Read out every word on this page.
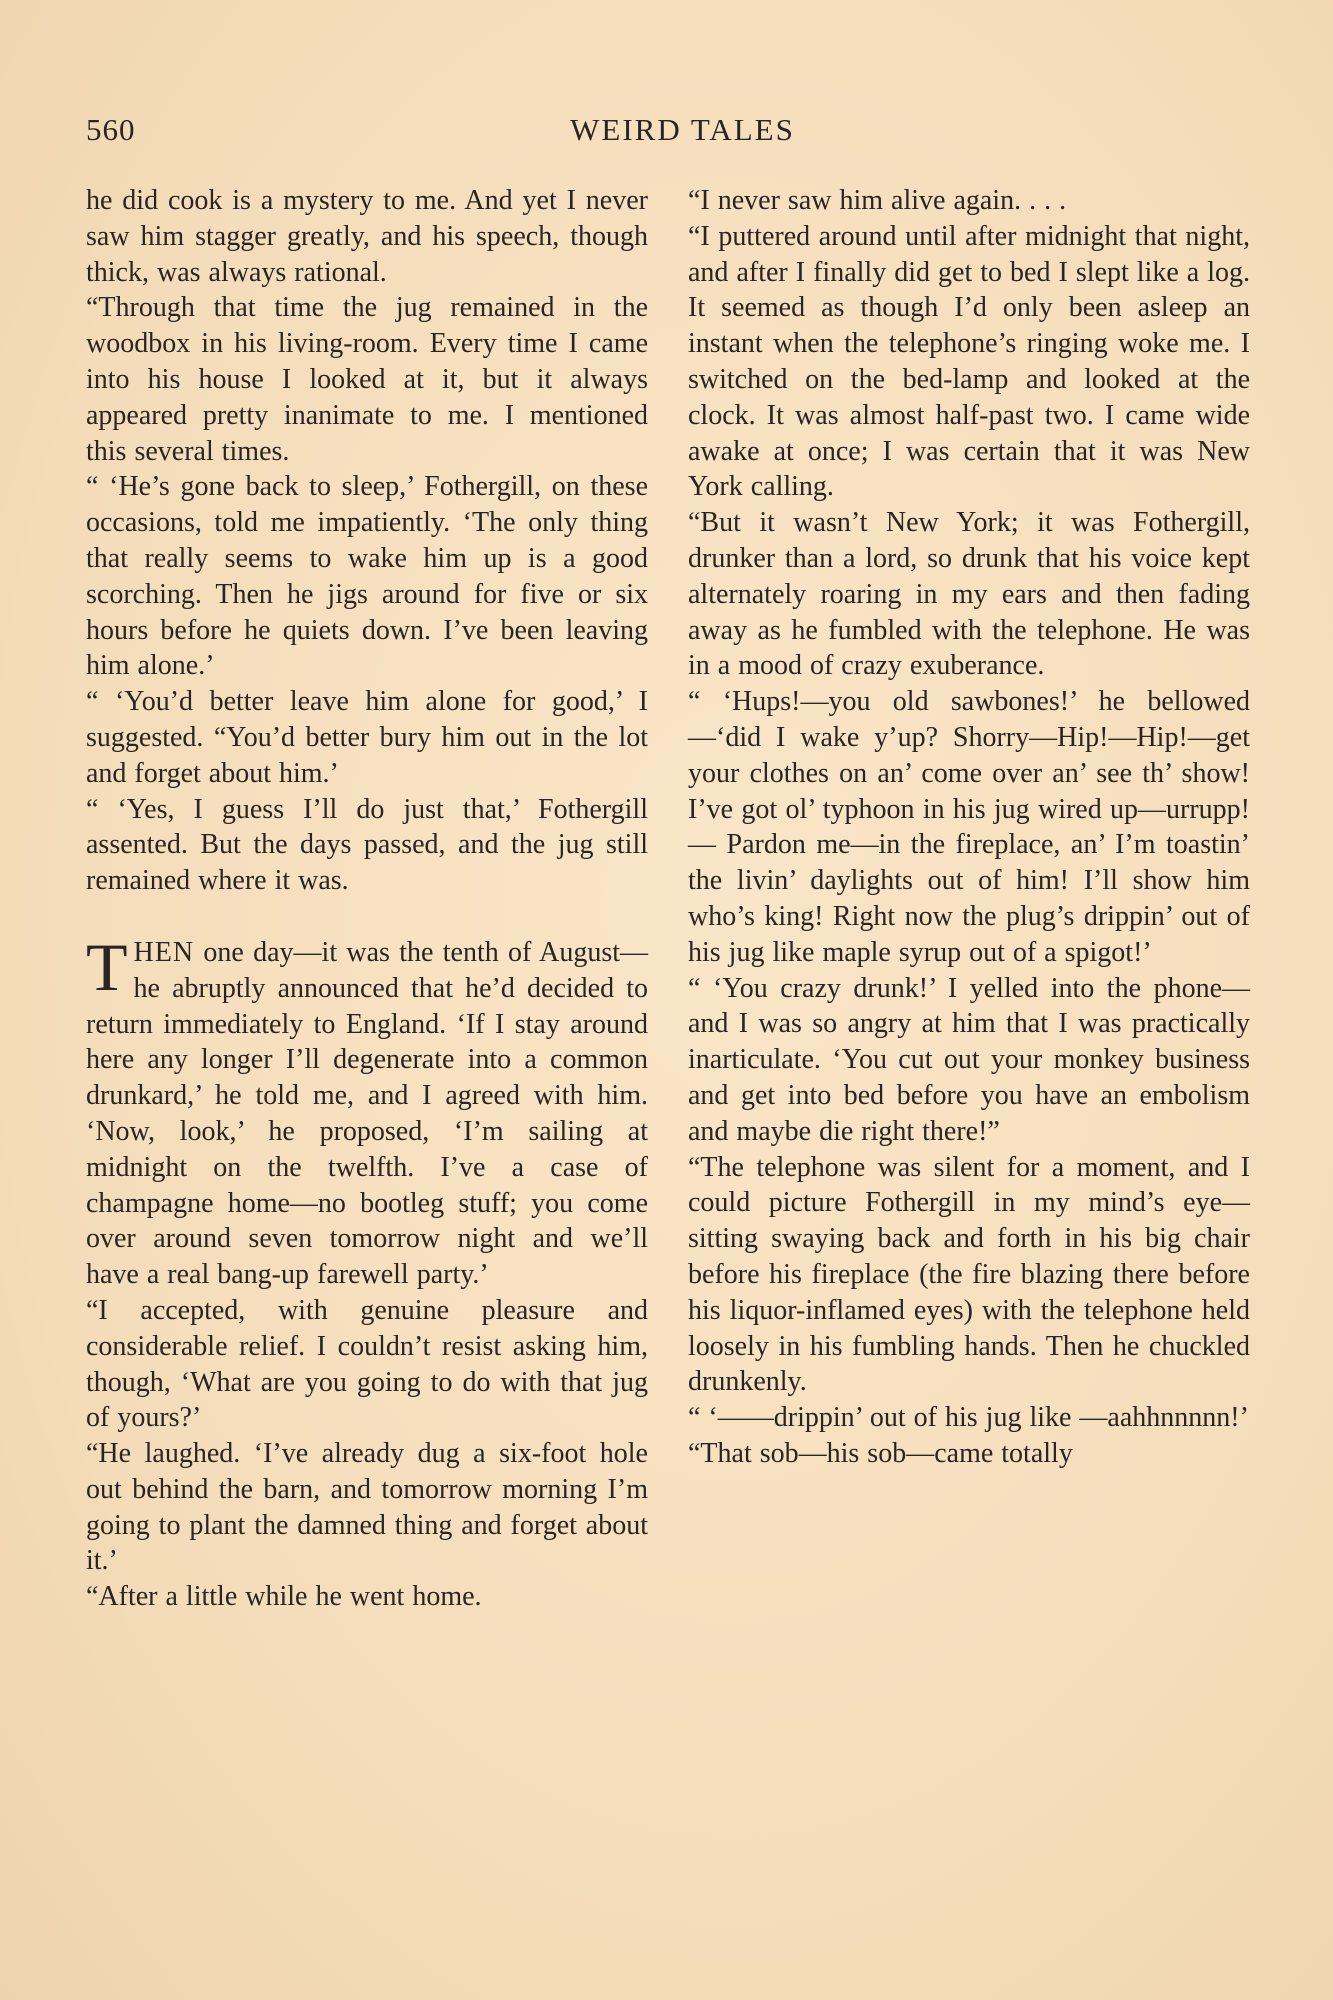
560	WEIRD TALES

he did cook is a mystery to me. And yet I never saw him stagger greatly, and his speech, though thick, was always rational.

“Through that time the jug remained in the woodbox in his living-room. Every time I came into his house I looked at it, but it always appeared pretty inanimate to me. I mentioned this several times.

“ ‘He’s gone back to sleep,’ Fothergill, on these occasions, told me impatiently. ‘The only thing that really seems to wake him up is a good scorching. Then he jigs around for five or six hours before he quiets down. I’ve been leaving him alone.’

“ ‘You’d better leave him alone for good,’ I suggested. “You’d better bury him out in the lot and forget about him.’

“ ‘Yes, I guess I’ll do just that,’ Fothergill assented. But the days passed, and the jug still remained where it was.

THEN one day—it was the tenth of August—he abruptly announced that he’d decided to return immediately to England. ‘If I stay around here any longer I’ll degenerate into a common drunkard,’ he told me, and I agreed with him. ‘Now, look,’ he proposed, ‘I’m sailing at midnight on the twelfth. I’ve a case of champagne home—no bootleg stuff; you come over around seven tomorrow night and we’ll have a real bang-up farewell party.’

“I accepted, with genuine pleasure and considerable relief. I couldn’t resist asking him, though, ‘What are you going to do with that jug of yours?’

“He laughed. ‘I’ve already dug a six-foot hole out behind the barn, and tomorrow morning I’m going to plant the damned thing and forget about it.’

“After a little while he went home.

“I never saw him alive again. . . .

“I puttered around until after midnight that night, and after I finally did get to bed I slept like a log. It seemed as though I’d only been asleep an instant when the telephone’s ringing woke me. I switched on the bed-lamp and looked at the clock. It was almost half-past two. I came wide awake at once; I was certain that it was New York calling.

“But it wasn’t New York; it was Fothergill, drunker than a lord, so drunk that his voice kept alternately roaring in my ears and then fading away as he fumbled with the telephone. He was in a mood of crazy exuberance.

“ ‘Hups!—you old sawbones!’ he bellowed—‘did I wake y’up? Shorry—Hip!—Hip!—get your clothes on an’ come over an’ see th’ show! I’ve got ol’ typhoon in his jug wired up—urrupp!— Pardon me—in the fireplace, an’ I’m toastin’ the livin’ daylights out of him! I’ll show him who’s king! Right now the plug’s drippin’ out of his jug like maple syrup out of a spigot!’

“ ‘You crazy drunk!’ I yelled into the phone—and I was so angry at him that I was practically inarticulate. ‘You cut out your monkey business and get into bed before you have an embolism and maybe die right there!”

“The telephone was silent for a moment, and I could picture Fothergill in my mind’s eye—sitting swaying back and forth in his big chair before his fireplace (the fire blazing there before his liquor-inflamed eyes) with the telephone held loosely in his fumbling hands. Then he chuckled drunkenly.

“ ‘——drippin’ out of his jug like —aahhnnnnn!’

“That sob—his sob—came totally
